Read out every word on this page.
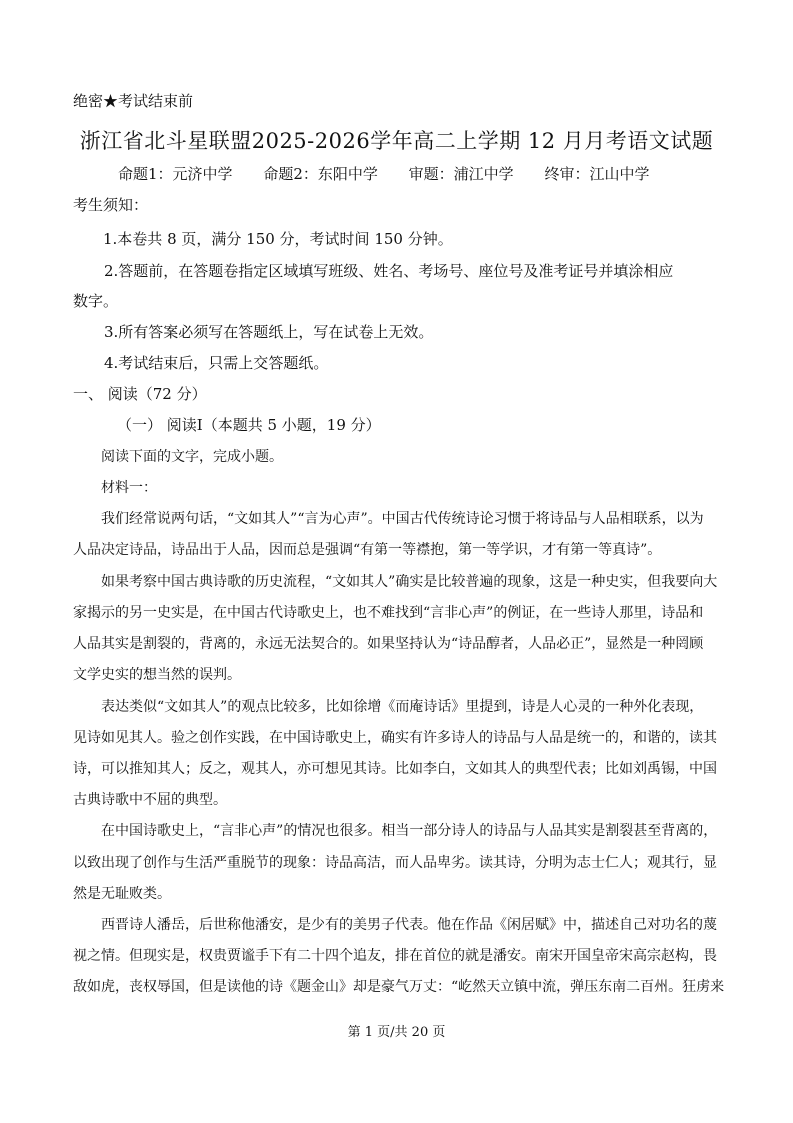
绝密★考试结束前
浙江省北斗星联盟2025-2026学年高二上学期 12 月月考语文试题
命题1：元济中学 命题2：东阳中学 审题：浦江中学 终审：江山中学
考生须知：
1.本卷共 8 页，满分 150 分，考试时间 150 分钟。
2.答题前，在答题卷指定区域填写班级、姓名、考场号、座位号及准考证号并填涂相应
数字。
3.所有答案必须写在答题纸上，写在试卷上无效。
4.考试结束后，只需上交答题纸。
一、 阅读（72 分）
（一） 阅读Ⅰ（本题共 5 小题，19 分）
阅读下面的文字，完成小题。
材料一：
我们经常说两句话，“文如其人”“言为心声”。中国古代传统诗论习惯于将诗品与人品相联系，以为
人品决定诗品，诗品出于人品，因而总是强调“有第一等襟抱，第一等学识，才有第一等真诗”。
如果考察中国古典诗歌的历史流程，“文如其人”确实是比较普遍的现象，这是一种史实，但我要向大
家揭示的另一史实是，在中国古代诗歌史上，也不难找到“言非心声”的例证，在一些诗人那里，诗品和
人品其实是割裂的，背离的，永远无法契合的。如果坚持认为“诗品醇者，人品必正”，显然是一种罔顾
文学史实的想当然的误判。
表达类似“文如其人”的观点比较多，比如徐增《而庵诗话》里提到，诗是人心灵的一种外化表现，
见诗如见其人。验之创作实践，在中国诗歌史上，确实有许多诗人的诗品与人品是统一的，和谐的，读其
诗，可以推知其人；反之，观其人，亦可想见其诗。比如李白，文如其人的典型代表；比如刘禹锡，中国
古典诗歌中不屈的典型。
在中国诗歌史上，“言非心声”的情况也很多。相当一部分诗人的诗品与人品其实是割裂甚至背离的，
以致出现了创作与生活严重脱节的现象：诗品高洁，而人品卑劣。读其诗，分明为志士仁人；观其行，显
然是无耻败类。
西晋诗人潘岳，后世称他潘安，是少有的美男子代表。他在作品《闲居赋》中，描述自己对功名的蔑
视之情。但现实是，权贵贾谧手下有二十四个追友，排在首位的就是潘安。南宋开国皇帝宋高宗赵构，畏
敌如虎，丧权辱国，但是读他的诗《题金山》却是豪气万丈：“屹然天立镇中流，弹压东南二百州。狂虏来
第 1 页/共 20 页
